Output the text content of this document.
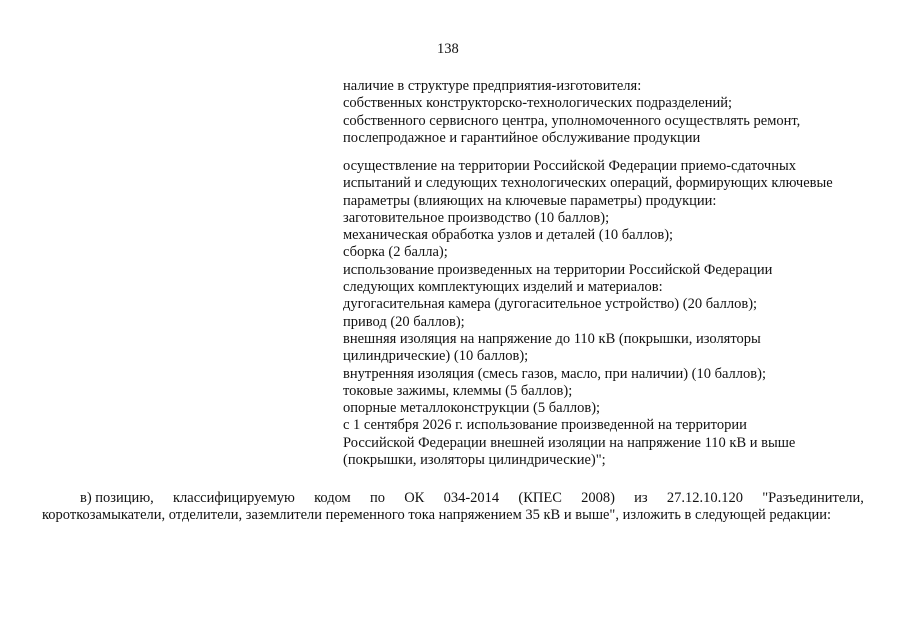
138
наличие в структуре предприятия-изготовителя:
собственных конструкторско-технологических подразделений;
собственного сервисного центра, уполномоченного осуществлять ремонт,
послепродажное и гарантийное обслуживание продукции
осуществление на территории Российской Федерации приемо-сдаточных
испытаний и следующих технологических операций, формирующих ключевые
параметры (влияющих на ключевые параметры) продукции:
заготовительное производство (10 баллов);
механическая обработка узлов и деталей (10 баллов);
сборка (2 балла);
использование произведенных на территории Российской Федерации
следующих комплектующих изделий и материалов:
дугогасительная камера (дугогасительное устройство) (20 баллов);
привод (20 баллов);
внешняя изоляция на напряжение до 110 кВ (покрышки, изоляторы
цилиндрические) (10 баллов);
внутренняя изоляция (смесь газов, масло, при наличии) (10 баллов);
токовые зажимы, клеммы (5 баллов);
опорные металлоконструкции (5 баллов);
с 1 сентября 2026 г. использование произведенной на территории
Российской Федерации внешней изоляции на напряжение 110 кВ и выше
(покрышки, изоляторы цилиндрические)";
в) позицию, классифицируемую кодом по ОК 034-2014 (КПЕС 2008) из 27.12.10.120 "Разъединители,
короткозамыкатели, отделители, заземлители переменного тока напряжением 35 кВ и выше", изложить в следующей редакции:
